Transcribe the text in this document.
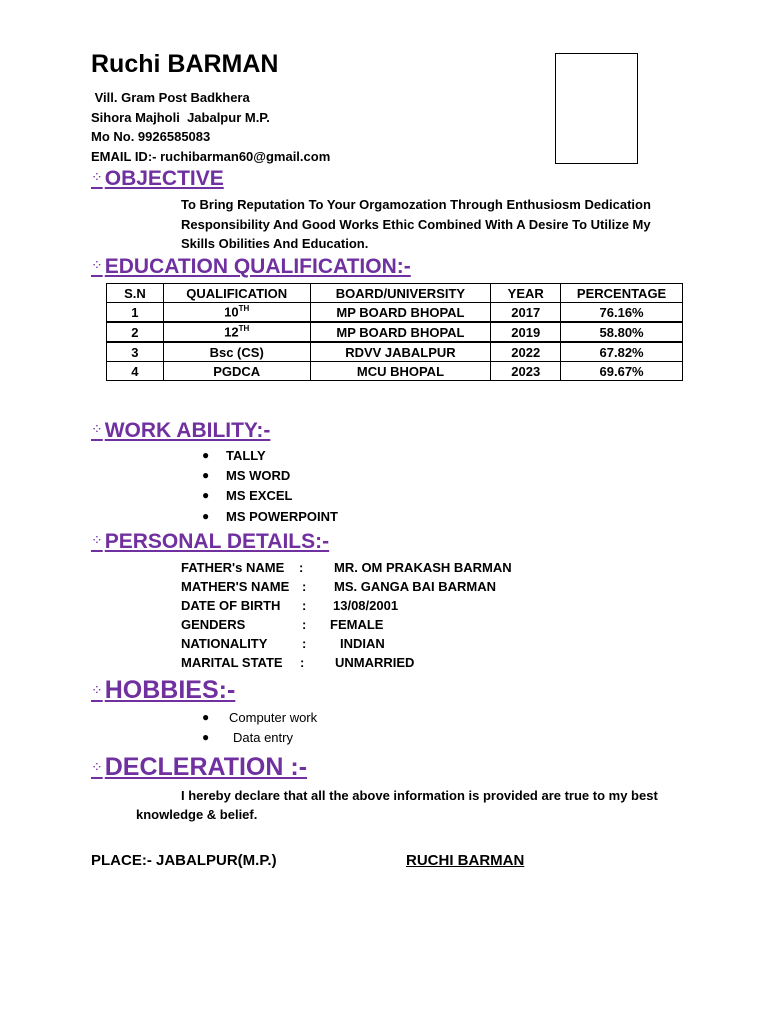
Ruchi BARMAN
Vill. Gram Post Badkhera
Sihora Majholi  Jabalpur M.P.
Mo No. 9926585083
EMAIL ID:- ruchibarman60@gmail.com
⁘OBJECTIVE
To Bring Reputation To Your Orgamozation Through Enthusiosm Dedication Responsibility And Good Works Ethic Combined With A Desire To Utilize My Skills Obilities And Education.
⁘EDUCATION QUALIFICATION:-
S.N	QUALIFICATION	BOARD/UNIVERSITY	YEAR	PERCENTAGE
1	10TH	MP BOARD BHOPAL	2017	76.16%
2	12TH	MP BOARD BHOPAL	2019	58.80%
3	Bsc (CS)	RDVV JABALPUR	2022	67.82%
4	PGDCA	MCU BHOPAL	2023	69.67%
⁘WORK ABILITY:-
● TALLY
● MS WORD
● MS EXCEL
● MS POWERPOINT
⁘PERSONAL DETAILS:-
FATHER's NAME : MR. OM PRAKASH BARMAN
MATHER'S NAME : MS. GANGA BAI BARMAN
DATE OF BIRTH : 13/08/2001
GENDERS	: FEMALE
NATIONALITY	:	INDIAN
MARITAL STATE : UNMARRIED
⁘HOBBIES:-
● Computer work
● Data entry
⁘DECLERATION :-
I hereby declare that all the above information is provided are true to my best knowledge & belief.
PLACE:- JABALPUR(M.P.)	RUCHI BARMAN
